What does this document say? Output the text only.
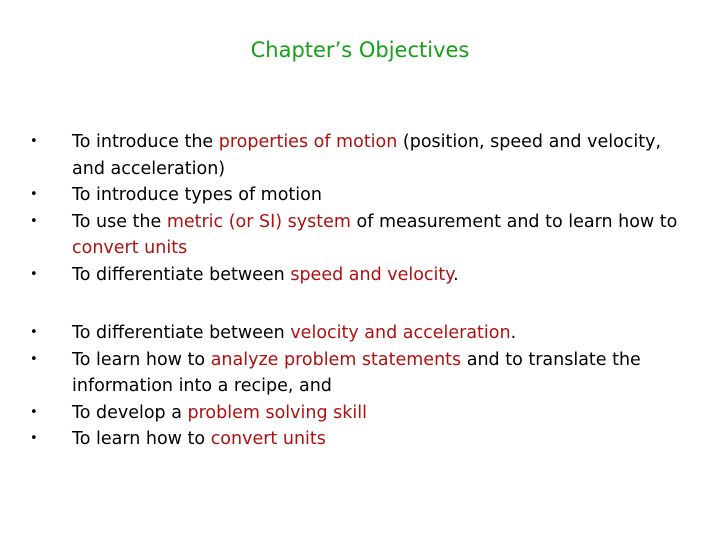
Chapter’s Objectives
•	To introduce the properties of motion (position, speed and velocity, and acceleration)
•	To introduce types of motion
•	To use the metric (or SI) system of measurement and to learn how to convert units
•	To differentiate between speed and velocity.
•	To differentiate between velocity and acceleration.
•	To learn how to analyze problem statements and to translate the information into a recipe, and
•	To develop a problem solving skill
•	To learn how to convert units
